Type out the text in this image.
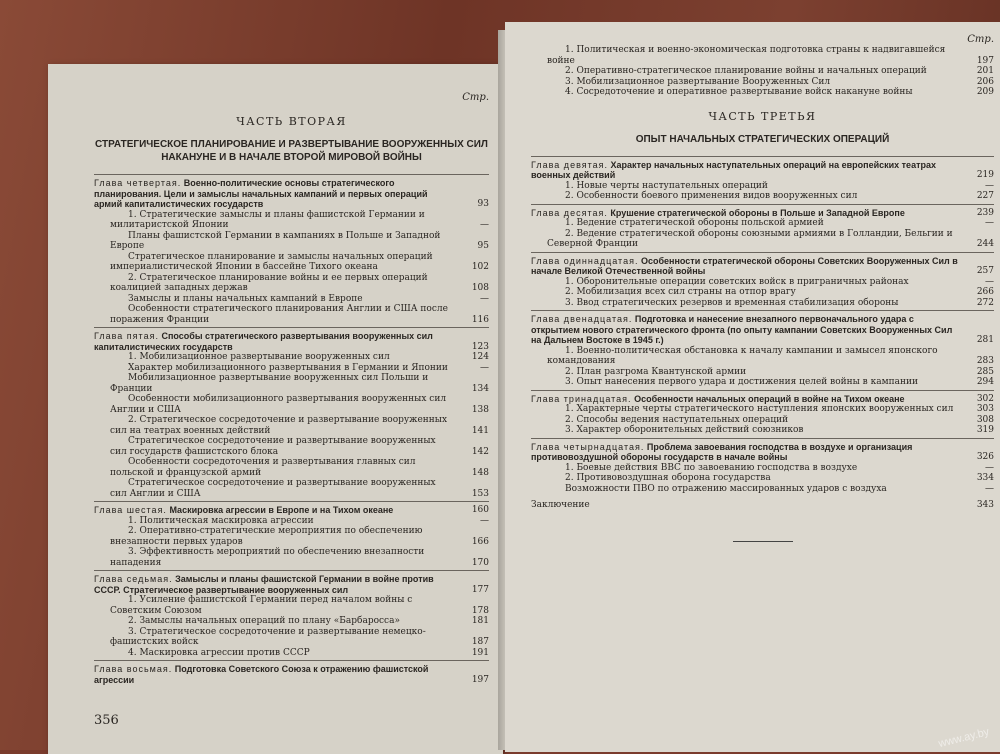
Стр.
ЧАСТЬ ВТОРАЯ
СТРАТЕГИЧЕСКОЕ ПЛАНИРОВАНИЕ И РАЗВЕРТЫВАНИЕ ВООРУЖЕННЫХ СИЛ НАКАНУНЕ И В НАЧАЛЕ ВТОРОЙ МИРОВОЙ ВОЙНЫ
Глава четвертая. Военно-политические основы стратегического планирования. Цели и замыслы начальных кампаний и первых операций армий капиталистических государств	93
1. Стратегические замыслы и планы фашистской Германии и милитаристской Японии	—
Планы фашистской Германии в кампаниях в Польше и Западной Европе	95
Стратегическое планирование и замыслы начальных операций империалистической Японии в бассейне Тихого океана	102
2. Стратегическое планирование войны и ее первых операций коалицией западных держав	108
Замыслы и планы начальных кампаний в Европе	—
Особенности стратегического планирования Англии и США после поражения Франции	116
Глава пятая. Способы стратегического развертывания вооруженных сил капиталистических государств	123
1. Мобилизационное развертывание вооруженных сил	124
Характер мобилизационного развертывания в Германии и Японии	—
Мобилизационное развертывание вооруженных сил Польши и Франции	134
Особенности мобилизационного развертывания вооруженных сил Англии и США	138
2. Стратегическое сосредоточение и развертывание вооруженных сил на театрах военных действий	141
Стратегическое сосредоточение и развертывание вооруженных сил государств фашистского блока	142
Особенности сосредоточения и развертывания главных сил польской и французской армий	148
Стратегическое сосредоточение и развертывание вооруженных сил Англии и США	153
Глава шестая. Маскировка агрессии в Европе и на Тихом океане	160
1. Политическая маскировка агрессии	—
2. Оперативно-стратегические мероприятия по обеспечению внезапности первых ударов	166
3. Эффективность мероприятий по обеспечению внезапности нападения	170
Глава седьмая. Замыслы и планы фашистской Германии в войне против СССР. Стратегическое развертывание вооруженных сил	177
1. Усиление фашистской Германии перед началом войны с Советским Союзом	178
2. Замыслы начальных операций по плану «Барбаросса»	181
3. Стратегическое сосредоточение и развертывание немецко-фашистских войск	187
4. Маскировка агрессии против СССР	191
Глава восьмая. Подготовка Советского Союза к отражению фашистской агрессии	197
356
Стр.
1. Политическая и военно-экономическая подготовка страны к надвигавшейся войне	197
2. Оперативно-стратегическое планирование войны и начальных операций	201
3. Мобилизационное развертывание Вооруженных Сил	206
4. Сосредоточение и оперативное развертывание войск накануне войны	209
ЧАСТЬ ТРЕТЬЯ
ОПЫТ НАЧАЛЬНЫХ СТРАТЕГИЧЕСКИХ ОПЕРАЦИЙ
Глава девятая. Характер начальных наступательных операций на европейских театрах военных действий	219
1. Новые черты наступательных операций	—
2. Особенности боевого применения видов вооруженных сил	227
Глава десятая. Крушение стратегической обороны в Польше и Западной Европе	239
1. Ведение стратегической обороны польской армией	—
2. Ведение стратегической обороны союзными армиями в Голландии, Бельгии и Северной Франции	244
Глава одиннадцатая. Особенности стратегической обороны Советских Вооруженных Сил в начале Великой Отечественной войны	257
1. Оборонительные операции советских войск в приграничных районах	—
2. Мобилизация всех сил страны на отпор врагу	266
3. Ввод стратегических резервов и временная стабилизация обороны	272
Глава двенадцатая. Подготовка и нанесение внезапного первоначального удара с открытием нового стратегического фронта (по опыту кампании Советских Вооруженных Сил на Дальнем Востоке в 1945 г.)	281
1. Военно-политическая обстановка к началу кампании и замысел японского командования	283
2. План разгрома Квантунской армии	285
3. Опыт нанесения первого удара и достижения целей войны в кампании	294
Глава тринадцатая. Особенности начальных операций в войне на Тихом океане	302
1. Характерные черты стратегического наступления японских вооруженных сил	303
2. Способы ведения наступательных операций	308
3. Характер оборонительных действий союзников	319
Глава четырнадцатая. Проблема завоевания господства в воздухе и организация противовоздушной обороны государств в начале войны	326
1. Боевые действия ВВС по завоеванию господства в воздухе	—
2. Противовоздушная оборона государства	334
Возможности ПВО по отражению массированных ударов с воздуха	—
Заключение	343
www.ay.by
